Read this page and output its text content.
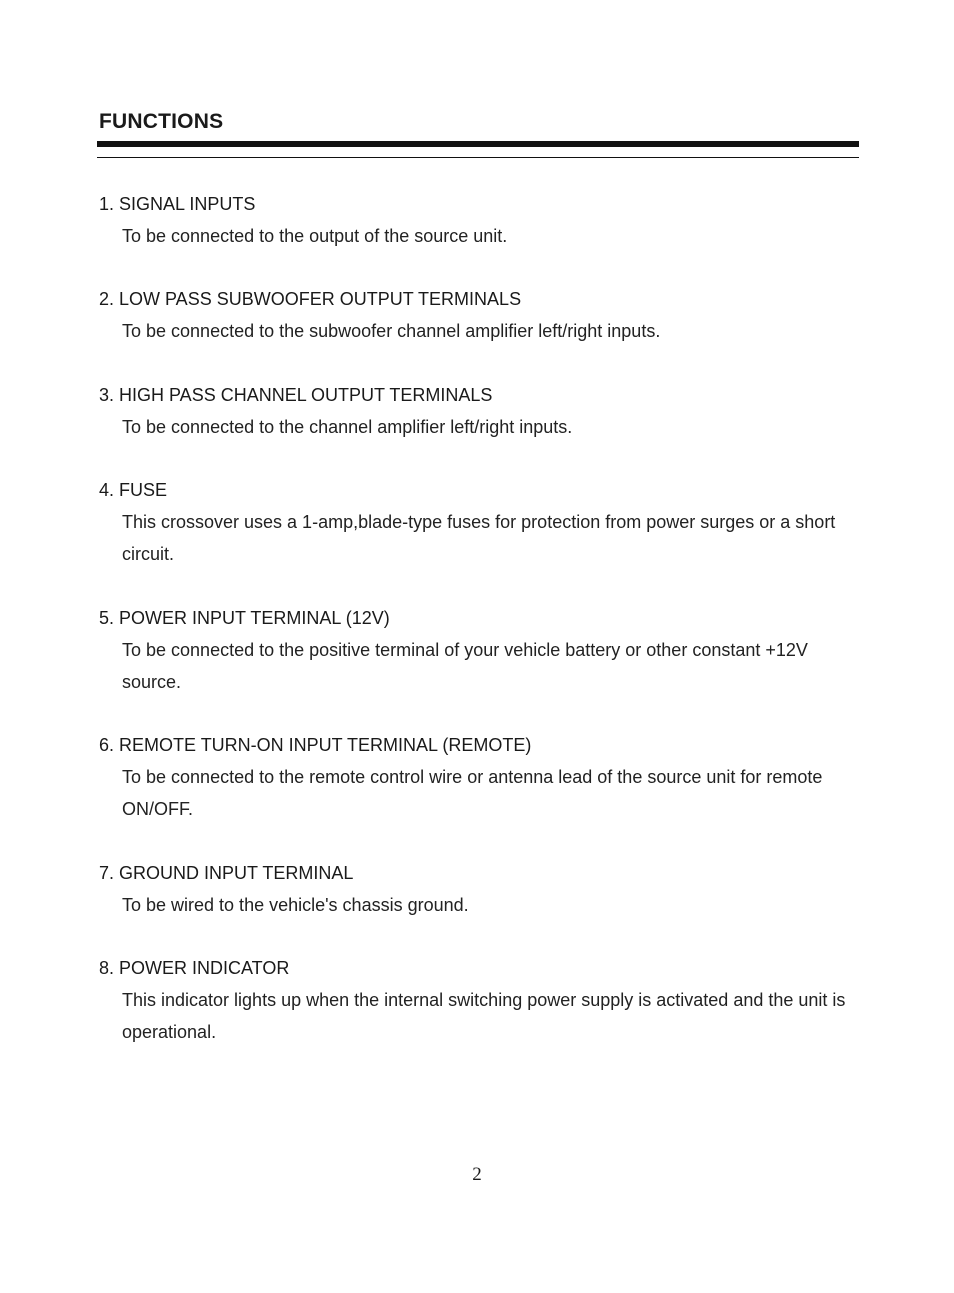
FUNCTIONS

1. SIGNAL INPUTS

To be connected to the output of the source unit.

2. LOW PASS SUBWOOFER OUTPUT TERMINALS

To be connected to the subwoofer channel amplifier left/right inputs.

3. HIGH PASS CHANNEL OUTPUT TERMINALS

To be connected to the channel amplifier left/right inputs.

4. FUSE

This crossover uses a 1-amp,blade-type fuses for protection from power surges or a short circuit.

5. POWER INPUT TERMINAL (12V)

To be connected to the positive terminal of your vehicle battery or other constant +12V source.

6. REMOTE TURN-ON INPUT TERMINAL (REMOTE)

To be connected to the remote control wire or antenna lead of the source unit for remote ON/OFF.

7. GROUND INPUT TERMINAL

To be wired to the vehicle's chassis ground.

8. POWER INDICATOR

This indicator lights up when the internal switching power supply is activated and the unit is operational.

2
